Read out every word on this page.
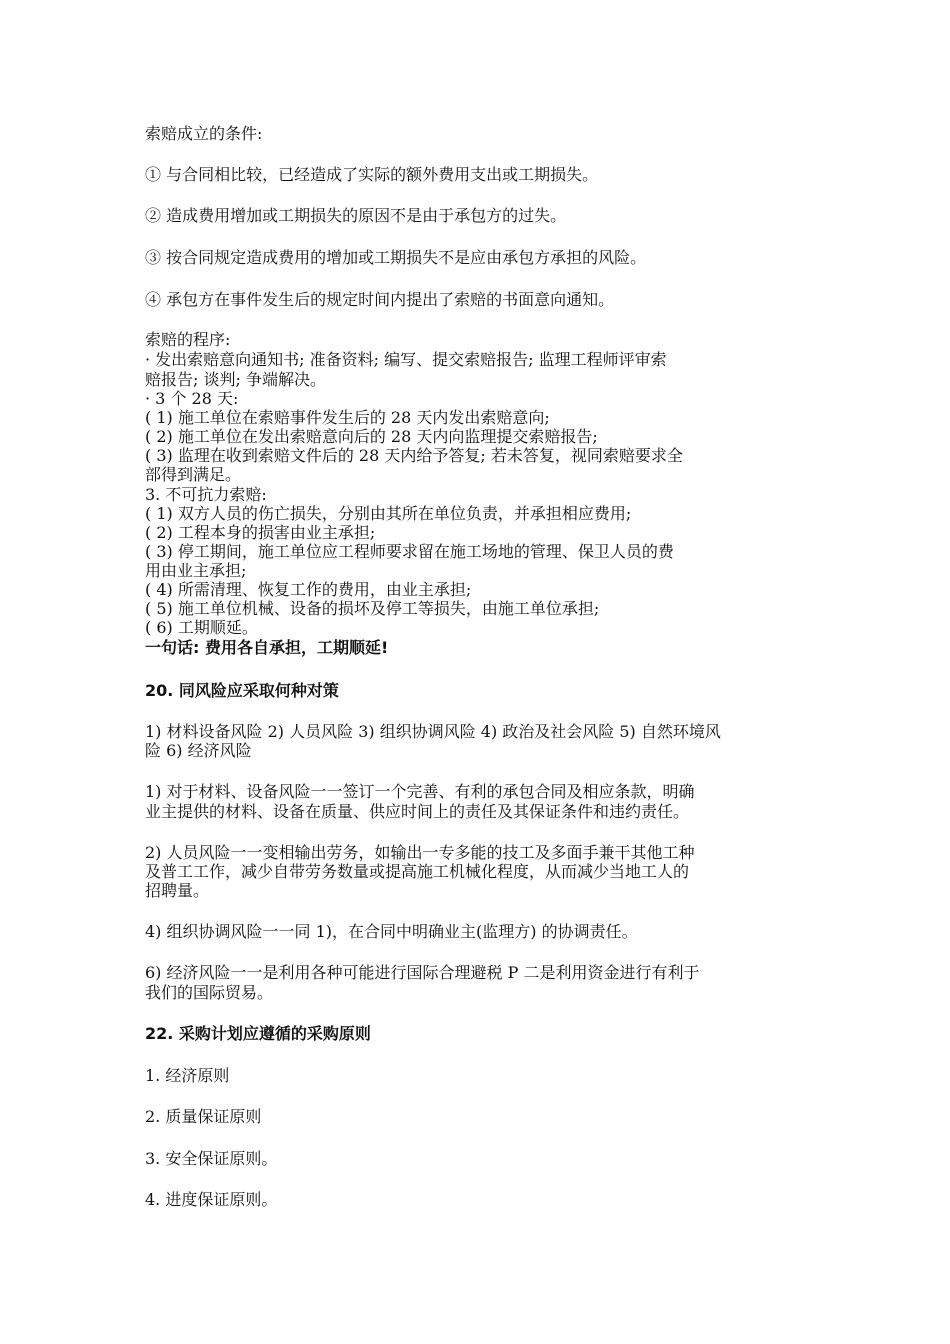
索赔成立的条件:
① 与合同相比较，已经造成了实际的额外费用支出或工期损失。
② 造成费用增加或工期损失的原因不是由于承包方的过失。
③ 按合同规定造成费用的增加或工期损失不是应由承包方承担的风险。
④ 承包方在事件发生后的规定时间内提出了索赔的书面意向通知。
索赔的程序:
· 发出索赔意向通知书; 准备资料; 编写、提交索赔报告; 监理工程师评审索
赔报告; 谈判; 争端解决。
· 3 个 28 天:
( 1) 施工单位在索赔事件发生后的 28 天内发出索赔意向;
( 2) 施工单位在发出索赔意向后的 28 天内向监理提交索赔报告;
( 3) 监理在收到索赔文件后的 28 天内给予答复; 若未答复，视同索赔要求全
部得到满足。
3. 不可抗力索赔:
( 1) 双方人员的伤亡损失，分别由其所在单位负责，并承担相应费用;
( 2) 工程本身的损害由业主承担;
( 3) 停工期间，施工单位应工程师要求留在施工场地的管理、保卫人员的费
用由业主承担;
( 4) 所需清理、恢复工作的费用，由业主承担;
( 5) 施工单位机械、设备的损坏及停工等损失，由施工单位承担;
( 6) 工期顺延。
一句话: 费用各自承担，工期顺延!
20. 同风险应采取何种对策
1) 材料设备风险 2) 人员风险 3) 组织协调风险 4) 政治及社会风险 5) 自然环境风
险 6) 经济风险
1) 对于材料、设备风险一一签订一个完善、有利的承包合同及相应条款，明确
业主提供的材料、设备在质量、供应时间上的责任及其保证条件和违约责任。
2) 人员风险一一变相输出劳务，如输出一专多能的技工及多面手兼干其他工种
及普工工作，减少自带劳务数量或提高施工机械化程度，从而减少当地工人的
招聘量。
4) 组织协调风险一一同 1)，在合同中明确业主(监理方) 的协调责任。
6) 经济风险一一是利用各种可能进行国际合理避税 P 二是利用资金进行有利于
我们的国际贸易。
22. 采购计划应遵循的采购原则
1. 经济原则
2. 质量保证原则
3. 安全保证原则。
4. 进度保证原则。
